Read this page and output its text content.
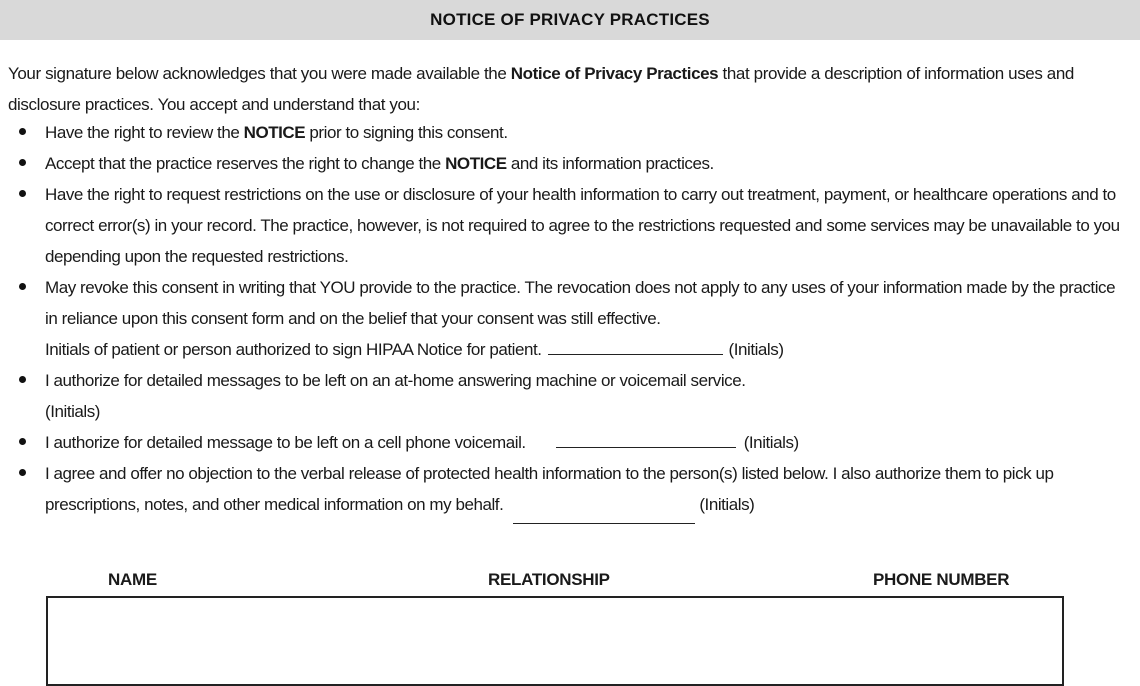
NOTICE OF PRIVACY PRACTICES

Your signature below acknowledges that you were made available the Notice of Privacy Practices that provide a description of information uses and disclosure practices. You accept and understand that you:

Have the right to review the NOTICE prior to signing this consent.
Accept that the practice reserves the right to change the NOTICE and its information practices.
Have the right to request restrictions on the use or disclosure of your health information to carry out treatment, payment, or healthcare operations and to correct error(s) in your record. The practice, however, is not required to agree to the restrictions requested and some services may be unavailable to you depending upon the requested restrictions.
May revoke this consent in writing that YOU provide to the practice. The revocation does not apply to any uses of your information made by the practice in reliance upon this consent form and on the belief that your consent was still effective.
Initials of patient or person authorized to sign HIPAA Notice for patient.	(Initials)
I authorize for detailed messages to be left on an at-home answering machine or voicemail service.
(Initials)
I authorize for detailed message to be left on a cell phone voicemail.	(Initials)
I agree and offer no objection to the verbal release of protected health information to the person(s) listed below. I also authorize them to pick up prescriptions, notes, and other medical information on my behalf.	(Initials)
NAME	RELATIONSHIP	PHONE NUMBER
